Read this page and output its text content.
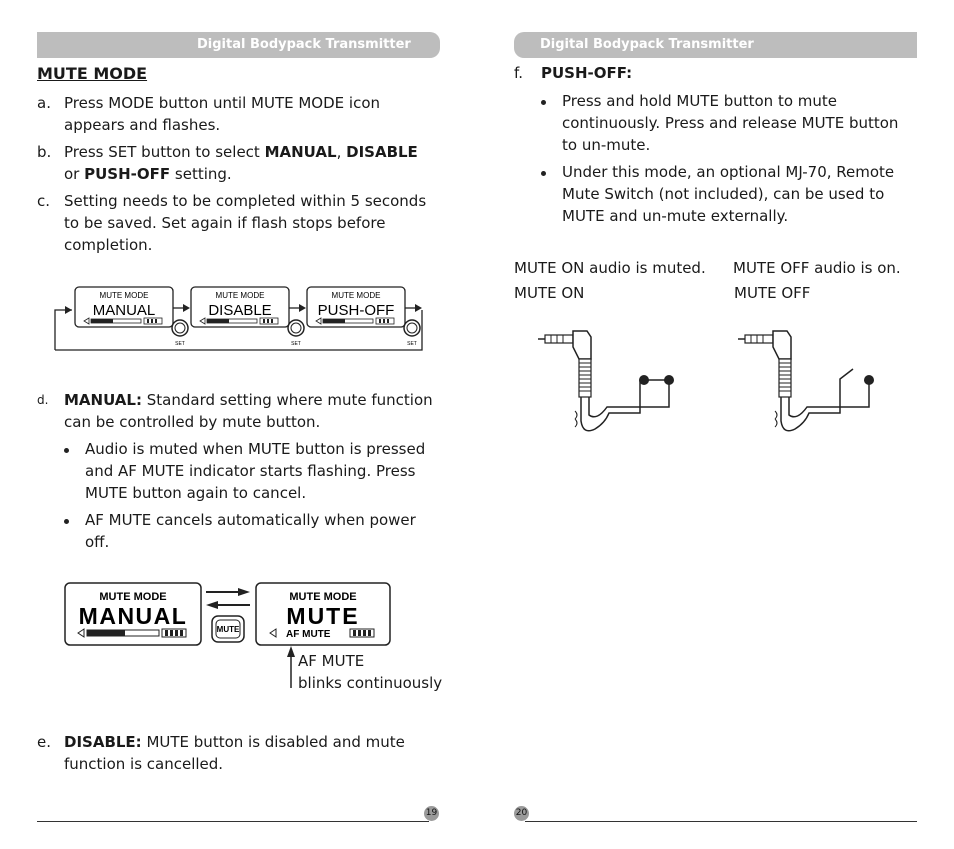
Digital Bodypack Transmitter	Digital Bodypack Transmitter
MUTE MODE
a. Press MODE button until MUTE MODE icon
appears and flashes.
b. Press SET button to select MANUAL, DISABLE
or PUSH-OFF setting.
c. Setting needs to be completed within 5 seconds
to be saved. Set again if flash stops before
completion.
MUTE MODE
MANUAL
MUTE MODE
DISABLE
MUTE MODE
PUSH-OFF
SET	SET	SET
d. MANUAL: Standard setting where mute function
can be controlled by mute button.
Audio is muted when MUTE button is pressed
and AF MUTE indicator starts flashing. Press
MUTE button again to cancel.
AF MUTE cancels automatically when power
off.
MUTE MODE
MANUAL
MUTE
MUTE MODE
MUTE
AF MUTE
AF MUTE
blinks continuously
e. DISABLE: MUTE button is disabled and mute
function is cancelled.
f. PUSH-OFF:
Press and hold MUTE button to mute
continuously. Press and release MUTE button
to un-mute.
Under this mode, an optional MJ-70, Remote
Mute Switch (not included), can be used to
MUTE and un-mute externally.
MUTE ON audio is muted. MUTE OFF audio is on.
MUTE ON	MUTE OFF
19	20
